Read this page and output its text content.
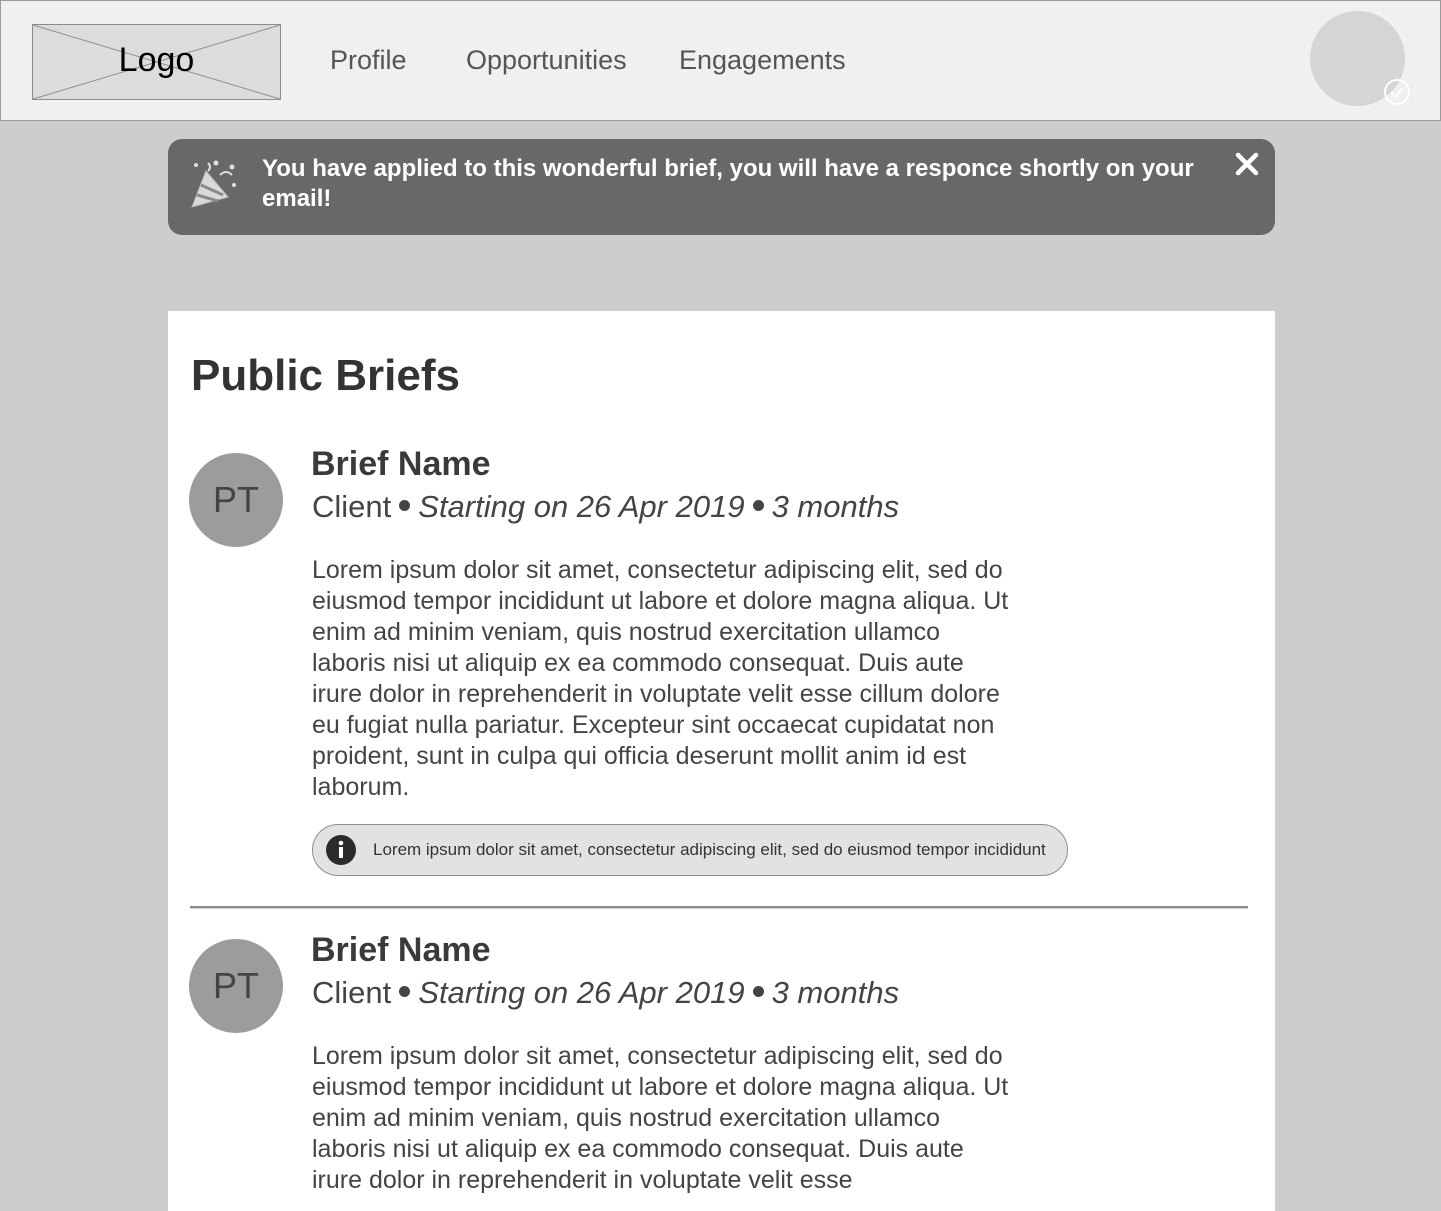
Logo	Profile Opportunities Engagements
You have applied to this wonderful brief, you will have a responce shortly on your email!
Public Briefs
PT
Brief Name
Client Starting on 26 Apr 2019 3 months
Lorem ipsum dolor sit amet, consectetur adipiscing elit, sed do eiusmod tempor incididunt ut labore et dolore magna aliqua. Ut enim ad minim veniam, quis nostrud exercitation ullamco laboris nisi ut aliquip ex ea commodo consequat. Duis aute irure dolor in reprehenderit in voluptate velit esse cillum dolore eu fugiat nulla pariatur. Excepteur sint occaecat cupidatat non proident, sunt in culpa qui officia deserunt mollit anim id est laborum.
Lorem ipsum dolor sit amet, consectetur adipiscing elit, sed do eiusmod tempor incididunt
PT
Brief Name
Client Starting on 26 Apr 2019 3 months
Lorem ipsum dolor sit amet, consectetur adipiscing elit, sed do eiusmod tempor incididunt ut labore et dolore magna aliqua. Ut enim ad minim veniam, quis nostrud exercitation ullamco laboris nisi ut aliquip ex ea commodo consequat. Duis aute irure dolor in reprehenderit in voluptate velit esse
